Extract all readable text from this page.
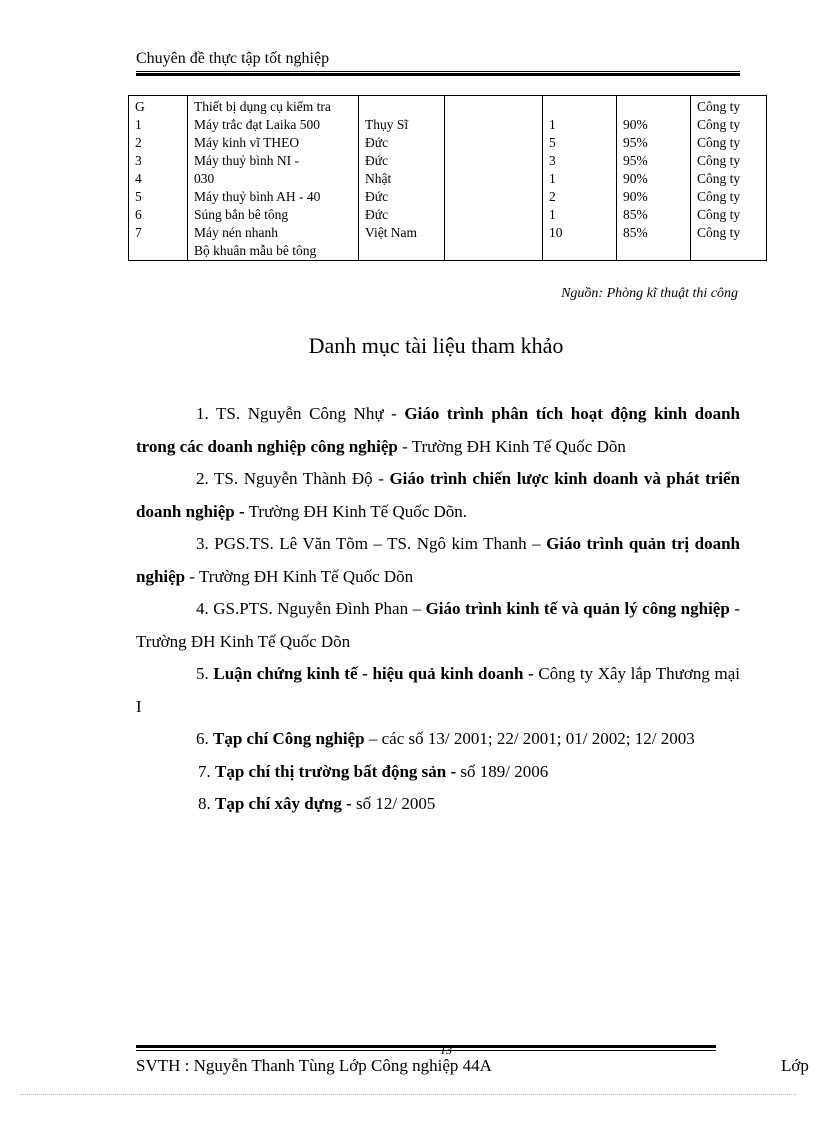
Chuyên đề thực tập tốt nghiệp
G	Thiết bị dụng cụ kiểm tra					Công ty
1	Máy trắc đạt Laika 500	Thụy Sĩ		1	90%	Công ty
2	Máy kinh vĩ THEO	Đức		5	95%	Công ty
3	Máy thuỷ bình NI -	Đức		3	95%	Công ty
4	030	Nhật		1	90%	Công ty
5	Máy thuỷ bình AH - 40	Đức		2	90%	Công ty
6	Súng bắn bê tông	Đức		1	85%	Công ty
7	Máy nén nhanh	Việt Nam		10	85%	Công ty
	Bộ khuân mẫu bê tông					
Nguồn: Phòng kĩ thuật thi công
Danh mục tài liệu tham khảo

1. TS. Nguyễn Công Nhự - Giáo trình phân tích hoạt động kinh doanh trong các doanh nghiệp công nghiệp - Trường ĐH Kinh Tế Quốc Dõn

2. TS. Nguyễn Thành Độ - Giáo trình chiến lược kinh doanh và phát triển doanh nghiệp - Trường ĐH Kinh Tế Quốc Dõn.

3. PGS.TS. Lê Văn Tõm – TS. Ngô kim Thanh – Giáo trình quản trị doanh nghiệp - Trường ĐH Kinh Tế Quốc Dõn

4. GS.PTS. Nguyễn Đình Phan – Giáo trình kinh tế và quản lý công nghiệp - Trường ĐH Kinh Tế Quốc Dõn

5. Luận chứng kinh tế - hiệu quả kinh doanh - Công ty Xây lắp Thương mại I

6. Tạp chí Công nghiệp – các số 13/ 2001; 22/ 2001; 01/ 2002; 12/ 2003

7. Tạp chí thị trường bất động sản - số 189/ 2006

8. Tạp chí xây dựng - số 12/ 2005

13
SVTH : Nguyễn Thanh Tùng Lớp Công nghiệp 44A	Lớp
